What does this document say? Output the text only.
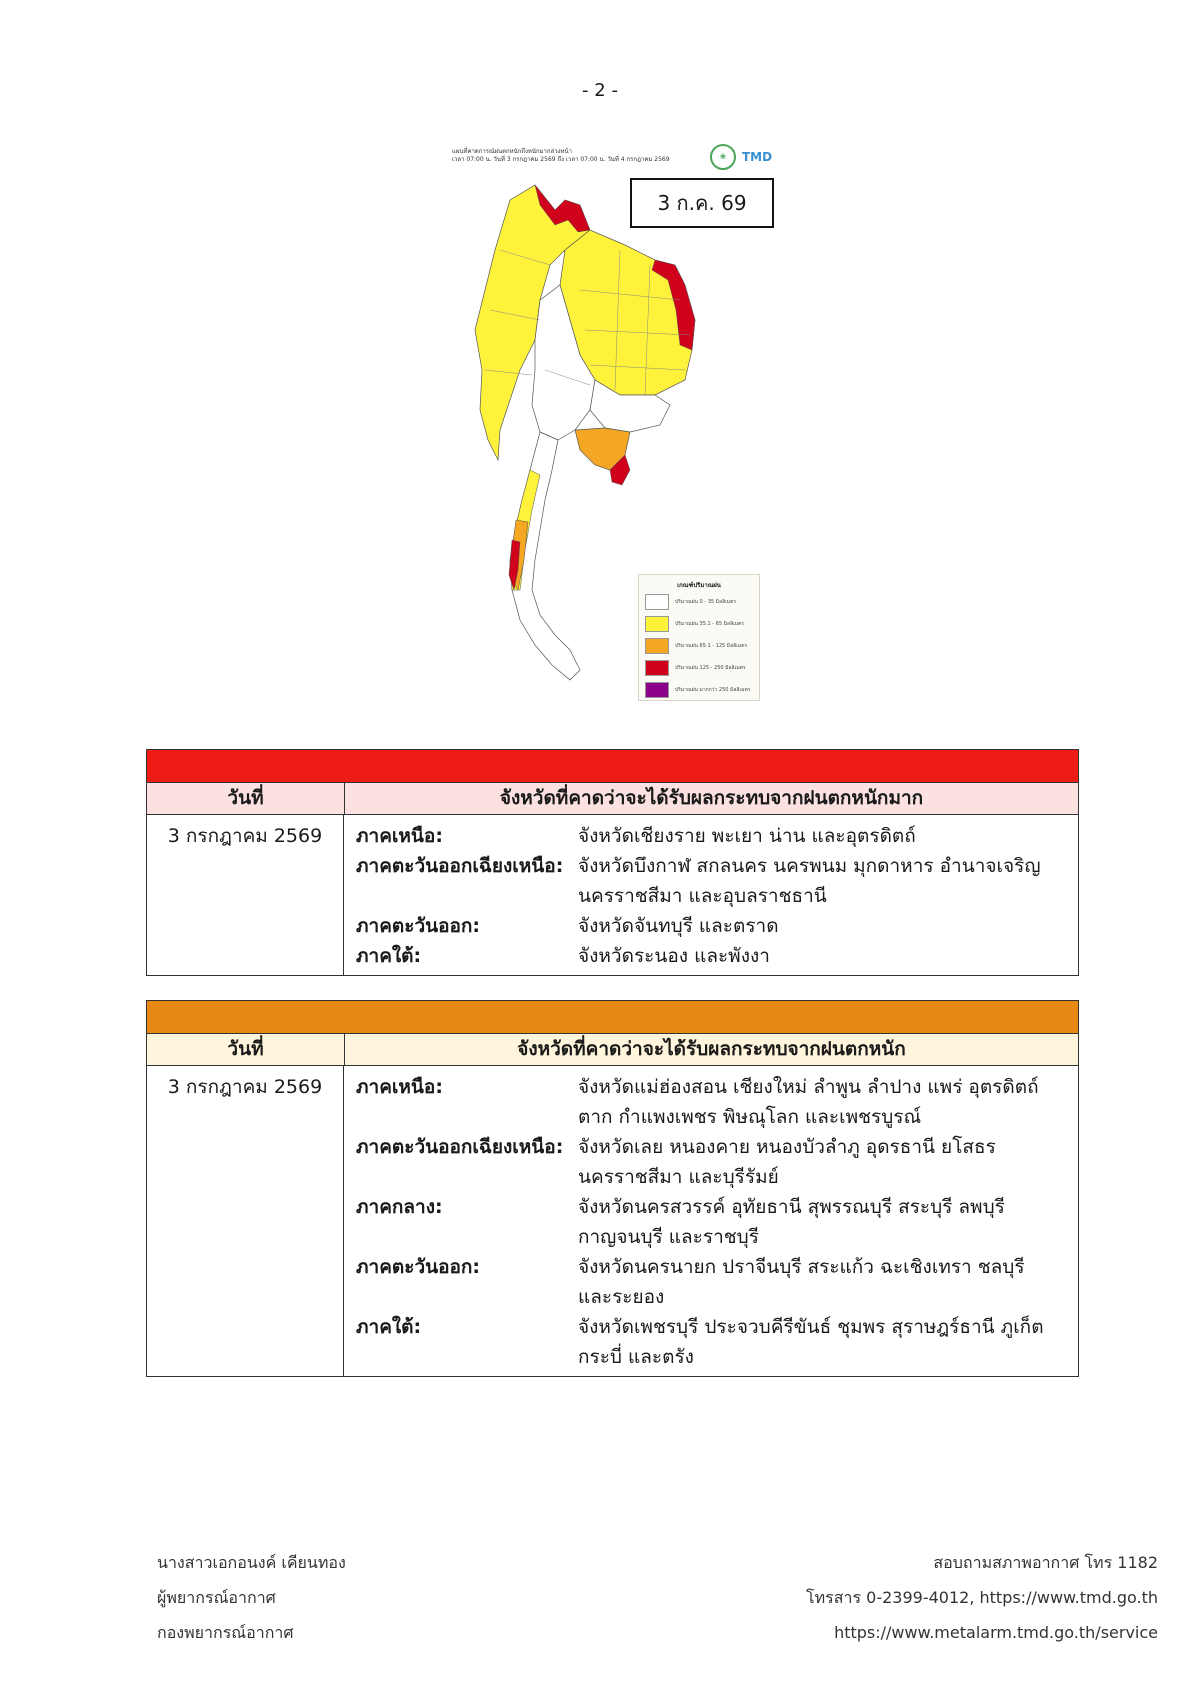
- 2 -
แผนที่คาดการณ์ฝนตกหนักถึงหนักมากล่วงหน้า
เวลา 07:00 น. วันที่ 3 กรกฎาคม 2569 ถึง เวลา 07:00 น. วันที่ 4 กรกฎาคม 2569	❀	TMD
3 ก.ค. 69
เกณฑ์ปริมาณฝน
ปริมาณฝน 0 - 35 มิลลิเมตร
ปริมาณฝน 35.1 - 65 มิลลิเมตร
ปริมาณฝน 65.1 - 125 มิลลิเมตร
ปริมาณฝน 125 - 250 มิลลิเมตร
ปริมาณฝน มากกว่า 250 มิลลิเมตร
วันที่	จังหวัดที่คาดว่าจะได้รับผลกระทบจากฝนตกหนักมาก
3 กรกฎาคม 2569	ภาคเหนือ:	จังหวัดเชียงราย พะเยา น่าน และอุตรดิตถ์
ภาคตะวันออกเฉียงเหนือ: จังหวัดบึงกาฬ สกลนคร นครพนม มุกดาหาร อำนาจเจริญ
นครราชสีมา และอุบลราชธานี
ภาคตะวันออก:	จังหวัดจันทบุรี และตราด
ภาคใต้:	จังหวัดระนอง และพังงา
วันที่	จังหวัดที่คาดว่าจะได้รับผลกระทบจากฝนตกหนัก
3 กรกฎาคม 2569	ภาคเหนือ:	จังหวัดแม่ฮ่องสอน เชียงใหม่ ลำพูน ลำปาง แพร่ อุตรดิตถ์
ตาก กำแพงเพชร พิษณุโลก และเพชรบูรณ์
ภาคตะวันออกเฉียงเหนือ: จังหวัดเลย หนองคาย หนองบัวลำภู อุดรธานี ยโสธร
นครราชสีมา และบุรีรัมย์
ภาคกลาง:	จังหวัดนครสวรรค์ อุทัยธานี สุพรรณบุรี สระบุรี ลพบุรี
กาญจนบุรี และราชบุรี
ภาคตะวันออก:	จังหวัดนครนายก ปราจีนบุรี สระแก้ว ฉะเชิงเทรา ชลบุรี
และระยอง
ภาคใต้:	จังหวัดเพชรบุรี ประจวบคีรีขันธ์ ชุมพร สุราษฎร์ธานี ภูเก็ต
กระบี่ และตรัง
นางสาวเอกอนงค์ เคียนทอง
ผู้พยากรณ์อากาศ
กองพยากรณ์อากาศ
สอบถามสภาพอากาศ โทร 1182
โทรสาร 0-2399-4012, https://www.tmd.go.th
https://www.metalarm.tmd.go.th/service
